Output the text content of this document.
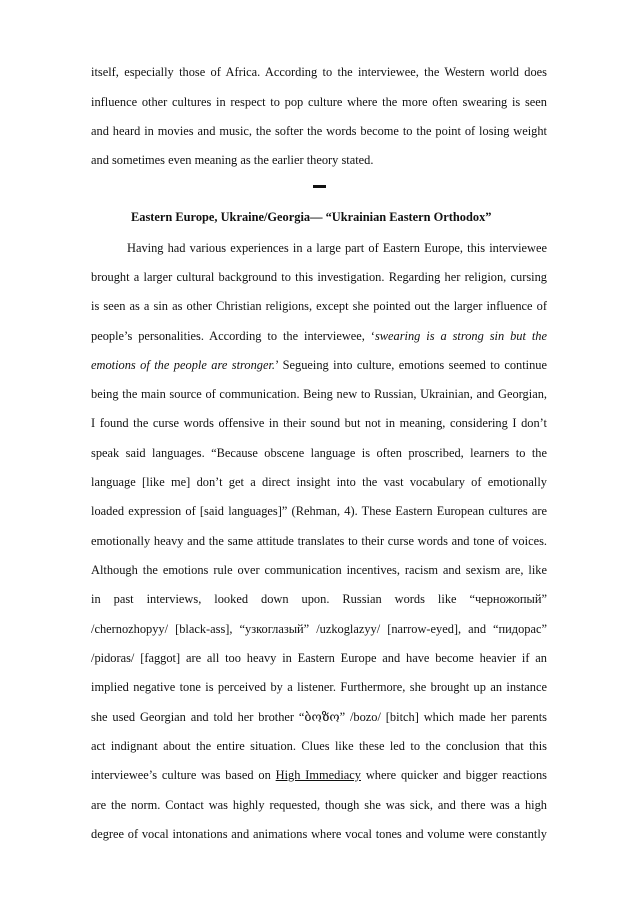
itself, especially those of Africa. According to the interviewee, the Western world does
influence other cultures in respect to pop culture where the more often swearing is seen
and heard in movies and music, the softer the words become to the point of losing weight
and sometimes even meaning as the earlier theory stated.
Eastern Europe, Ukraine/Georgia— “Ukrainian Eastern Orthodox”
Having had various experiences in a large part of Eastern Europe, this interviewee
brought a larger cultural background to this investigation. Regarding her religion, cursing
is seen as a sin as other Christian religions, except she pointed out the larger influence of
people’s personalities. According to the interviewee, ‘swearing is a strong sin but the
emotions of the people are stronger.’ Segueing into culture, emotions seemed to continue
being the main source of communication. Being new to Russian, Ukrainian, and Georgian,
I found the curse words offensive in their sound but not in meaning, considering I don’t
speak said languages. “Because obscene language is often proscribed, learners to the
language [like me] don’t get a direct insight into the vast vocabulary of emotionally
loaded expression of [said languages]” (Rehman, 4). These Eastern European cultures are
emotionally heavy and the same attitude translates to their curse words and tone of voices.
Although the emotions rule over communication incentives, racism and sexism are, like
in past interviews, looked down upon. Russian words like “черножопый”
/chernozhopyy/ [black-ass], “узкоглазый” /uzkoglazyy/ [narrow-eyed], and “пидорас”
/pidoras/ [faggot] are all too heavy in Eastern Europe and have become heavier if an
implied negative tone is perceived by a listener. Furthermore, she brought up an instance
she used Georgian and told her brother “ბოზო” /bozo/ [bitch] which made her parents
act indignant about the entire situation. Clues like these led to the conclusion that this
interviewee’s culture was based on High Immediacy where quicker and bigger reactions
are the norm. Contact was highly requested, though she was sick, and there was a high
degree of vocal intonations and animations where vocal tones and volume were constantly
